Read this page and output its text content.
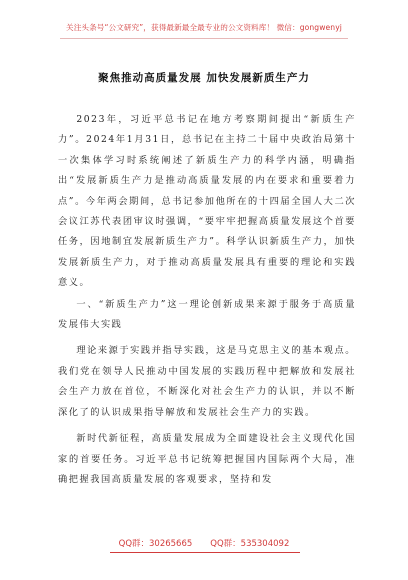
关注头条号“公文研究”，获得最新最全最专业的公文资料库！ 微信：gongwenyj
聚焦推动高质量发展 加快发展新质生产力

2023年，习近平总书记在地方考察期间提出“新质生产力”。2024年1月31日，总书记在主持二十届中央政治局第十一次集体学习时系统阐述了新质生产力的科学内涵，明确指出“发展新质生产力是推动高质量发展的内在要求和重要着力点”。今年两会期间，总书记参加他所在的十四届全国人大二次会议江苏代表团审议时强调，“要牢牢把握高质量发展这个首要任务，因地制宜发展新质生产力”。科学认识新质生产力，加快发展新质生产力，对于推动高质量发展具有重要的理论和实践意义。

一、“新质生产力”这一理论创新成果来源于服务于高质量发展伟大实践

理论来源于实践并指导实践，这是马克思主义的基本观点。我们党在领导人民推动中国发展的实践历程中把解放和发展社会生产力放在首位，不断深化对社会生产力的认识，并以不断深化了的认识成果指导解放和发展社会生产力的实践。

新时代新征程，高质量发展成为全面建设社会主义现代化国家的首要任务。习近平总书记统筹把握国内国际两个大局，准确把握我国高质量发展的客观要求，坚持和发

QQ群：30265665 QQ群：535304092
